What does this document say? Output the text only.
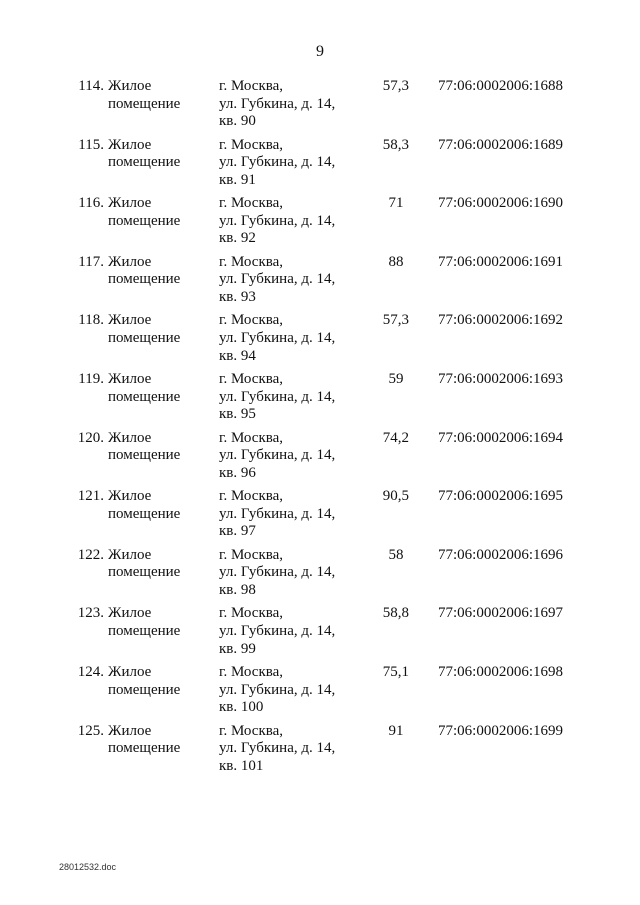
9
114. Жилое
помещение
г. Москва,
ул. Губкина, д. 14,
кв. 90
57,3 77:06:0002006:1688
115. Жилое
помещение
г. Москва,
ул. Губкина, д. 14,
кв. 91
58,3 77:06:0002006:1689
116. Жилое
помещение
г. Москва,
ул. Губкина, д. 14,
кв. 92
71	77:06:0002006:1690
117. Жилое
помещение
г. Москва,
ул. Губкина, д. 14,
кв. 93
88	77:06:0002006:1691
118. Жилое
помещение
г. Москва,
ул. Губкина, д. 14,
кв. 94
57,3 77:06:0002006:1692
119. Жилое
помещение
г. Москва,
ул. Губкина, д. 14,
кв. 95
59	77:06:0002006:1693
120. Жилое
помещение
г. Москва,
ул. Губкина, д. 14,
кв. 96
74,2 77:06:0002006:1694
121. Жилое
помещение
г. Москва,
ул. Губкина, д. 14,
кв. 97
90,5 77:06:0002006:1695
122. Жилое
помещение
г. Москва,
ул. Губкина, д. 14,
кв. 98
58	77:06:0002006:1696
123. Жилое
помещение
г. Москва,
ул. Губкина, д. 14,
кв. 99
58,8 77:06:0002006:1697
124. Жилое
помещение
г. Москва,
ул. Губкина, д. 14,
кв. 100
75,1 77:06:0002006:1698
125. Жилое
помещение
г. Москва,
ул. Губкина, д. 14,
кв. 101
91	77:06:0002006:1699
28012532.doc
